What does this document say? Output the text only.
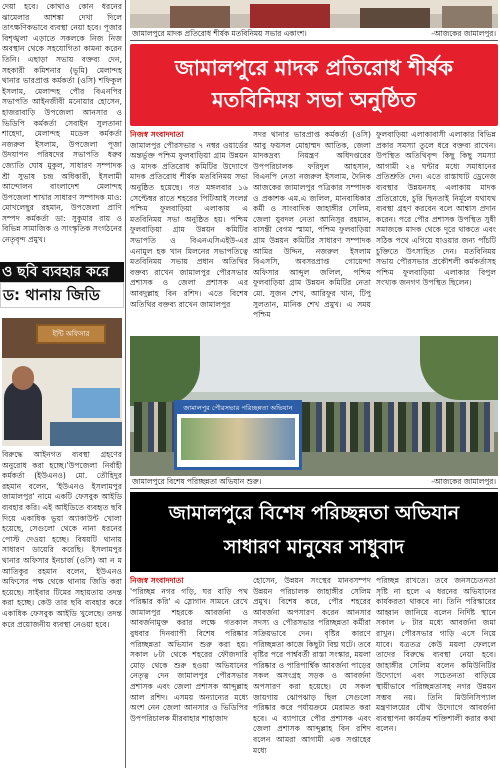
দেয়া হবে। কোথাও কোন ধরনের ঝামেলার আশঙ্কা দেখা দিলে তাৎক্ষণিকভাবে ব্যবস্থা নেয়া হবে। পূজার বিশৃঙ্খলা এড়াতে সকলকে নিজ নিজ অবস্থান থেকে সহযোগিতা কামনা করেন তিনি। এছাড়া সভায় বক্তব্য দেন, সহকারী কমিশনার (ভূমি) মেলান্দহ থানার ভারপ্রাপ্ত কর্মকর্তা (ওসি) শফিকুল ইসলাম, মেলান্দহ পৌর বিএনপির সভাপতি আইনজীবী মনোয়ার হোসেন, হাজরাবাড়ি উপজেলা আনসার ও ভিডিপি কর্মকর্তা সেবাইন সুলতানা শাহেদা, মেলান্দহ মডেল কর্মকর্তা নজরুল ইসলাম, উপজেলা পূজা উদযাপন পরিষদের সভাপতি ধরুব জ্যোতি ঘোষ মুকুল, সাধারণ সম্পাদক শ্রী সুভাষ চন্দ্র অধিকারী, ইসলামী আন্দোলন বাংলাদেশ মেলান্দহ উপজেলা শাখার সাধারণ সম্পাদক মাও: মোখলেছুর রহমান, উপজেলা প্রাণি সম্পদ কর্মকর্তা ডা: সুকুমার রায় ও বিভিন্ন সামাজিক ও সাংস্কৃতিক সংগঠনের নেতৃবৃন্দ প্রমুখ।
ও ছবি ব্যবহার করে
ড: থানায় জিডি
ইন্টি অফিসার
বিরুদ্ধে আইনগত ব্যবস্থা গ্রহণের অনুরোধ করা হচ্ছে।'উপজেলা নির্বাহী কর্মকর্তা (ইউএনও) মো. তৌহিদুর রহমান বলেন, 'ইউএনও ইসলামপুর জামালপুর' নামে একটি ফেসবুক আইডি ব্যবহার করি। এই আইডিতে ব্যবহৃত ছবি দিয়ে একাধিক ভুয়া অ্যাকাউন্ট খোলা হয়েছে, সেগুলো থেকে নানা ধরনের পোস্ট দেওয়া হচ্ছে। বিষয়টি থানায় সাধারণ ডায়েরি করেছি। ইসলামপুর থানার অফিসার ইনচার্জ (ওসি) আ ন ম আতিকুর রহমান বলেন, ইউএনও অফিসের পক্ষ থেকে থানায় জিডি করা হয়েছে। সাইবার টিমের সহায়তায় তদন্ত করা হচ্ছে। কেউ তার ছবি ব্যবহার করে একাধিক ফেসবুক আইডি খুলেছে। তদন্ত করে প্রয়োজনীয় ব্যবস্থা নেওয়া হবে।
জামালপুরে মাদক প্রতিরোধ শীর্ষক মতবিনিময় সভার একাংশ।	-আজকের জামালপুর।
জামালপুরে মাদক প্রতিরোধ শীর্ষক
মতবিনিময় সভা অনুষ্ঠিত
নিজস্ব সংবাদদাতা
জামালপুর পৌরসভার ৭ নম্বর ওয়ার্ডের অন্তর্ভুক্ত পশ্চিম ফুলবাড়িয়া গ্রাম উন্নয়ন ও মাদক প্রতিরোধ কমিটির উদ্যোগে মাদক প্রতিরোধ শীর্ষক মতবিনিময় সভা অনুষ্ঠিত হয়েছে। গত মঙ্গলবার ১৬ সেপ্টেম্বর রাতে শহরের পিটিআই সংলগ্ন পশ্চিম ফুলবাড়িয়া এলাকায় এ মতবিনিময় সভা অনুষ্ঠিত হয়। পশ্চিম ফুলবাড়িয়া গ্রাম উন্নয়ন কমিটির সভাপতি ও বিএনএসিএইউ-এর এনামুল হক খান মিলনের সভাপতিত্বে মতবিনিময় সভায় প্রধান অতিথির বক্তব্য রাখেন জামালপুর পৌরসভার প্রশাসক ও জেলা প্রশাসক এর আবদুল্লাহ বিন রশিদ। এতে বিশেষ অতিথির বক্তব্য রাখেন জামালপুর
সদর থানার ভারপ্রাপ্ত কর্মকর্তা (ওসি) আবু ফয়সল মোহাম্মদ আতিক, জেলা মাদকদ্রব্য নিয়ন্ত্রণ অধিদপ্তরের উপপরিচালক ফরিদুল আহসান, বিএনপি নেতা নজরুল ইসলাম, দৈনিক আজকের জামালপুর পত্রিকার সম্পাদক ও প্রকাশক এম.এ জলিল, মানবাধিকার কর্মী ও সাংবাদিক জাহাঙ্গীর সেলিম, জেলা যুবদল নেতা আনিসুর রহমান, বাসন্তী বেগম স্মামা, পশ্চিম ফুলবাড়িয়া গ্রাম উন্নয়ন কমিটির সাধারণ সম্পাদক আমির উদ্দিন, নজরুল ইসলাম বিএসসি, অবসরপ্রাপ্ত গোয়েন্দা অফিসার আব্দুল জলিল, পশ্চিম ফুলবাড়িয়া গ্রাম উন্নয়ন কমিটির নেতা মো. সুজন শেখ, আরিফুর খান, টিপু সুলতান, মানিক শেখ প্রমুখ। এ সময় পশ্চিম
ফুলবাড়িয়া এলাকাবাসী এলাকার বিভিন্ন প্রকার সমস্যা তুলে ধরে বক্তব্য রাখেন। উপস্থিত অতিথিবৃন্দ কিছু কিছু সমস্যা আগামী ২৪ ঘন্টার মধ্যে সমাধানের প্রতিশ্রুতি দেন। এতে রাস্তাঘাট ড্রেনেজ ব্যবস্থার উন্নয়নসহ এলাকায় মাদক প্রতিরোধে, চুরি ছিনতাই নির্মূলে যথাযথ ব্যবস্থা গ্রহণ করবেন বলে আশ্বাস প্রদান করেন। পরে পৌর প্রশাসক উপস্থিত সুধী সমাজকে মাদক থেকে দূরে থাকতে এবং সঠিক পথে এগিয়ে যাওয়ার জন্য পাঁচটি চুক্তিতে উৎসাহিত দেন। মতবিনিময় সভায় পৌরসভার প্রকৌশলী কর্মকর্তাসহ পশ্চিম ফুলবাড়িয়া এলাকার বিপুল সংখ্যক জনগণ উপস্থিত ছিলেন।
জামালপুর পৌরসভার পরিচ্ছন্নতা অভিযান
জামালপুরে বিশেষ পরিচ্ছন্নতা অভিযান শুরু।	-আজকের জামালপুর।
জামালপুরে বিশেষ পরিচ্ছন্নতা অভিযান
সাধারণ মানুষের সাধুবাদ
নিজস্ব সংবাদদাতা
'পরিচ্ছন্ন নগর গড়ি, ঘর বাড়ি পথ পরিষ্কার করি' এ স্লোগান সামনে রেখে জামালপুর শহরকে আবর্জনা ও আবর্জনামুক্ত করার লক্ষে গতকাল বুধবার দিনব্যাপী বিশেষ পরিষ্কার পরিচ্ছন্নতা অভিযান শুরু করা হয়। সকাল ৮টা থেকে শহরের ফৌজদারি মোড় থেকে শুরু হওয়া অভিযানের নেতৃত্ব দেন জামালপুর পৌরসভার প্রশাসক এবং জেলা প্রশাসক আব্দুল্লাহ আল রশিদ। এসময় অন্যান্যের মধ্যে অংশ নেন জেলা আনসার ও ভিডিপির উপপরিচালক মীরবাহার শাহাজাদ
হোসেন, উন্নয়ন সংস্থের মানবসম্পদ উন্নয়ন পরিচালক জাহাঙ্গীর সেলিম প্রমুখ। বিশেষ করে, পৌর শহরের আবর্জনা অপসারণ করেন আনসার সদস্য ও পৌরসভার পরিচ্ছন্নতা কর্মীরা সক্রিয়ভাবে দেন। বৃষ্টির কারণে পরিচ্ছন্নতা কাজে কিছুটা বিঘ্ন ঘটে। তবে বৃষ্টির পরে পার্শ্ববর্তী রাস্তা সংস্কার, ময়লা পরিষ্কার ও পারিপার্শ্বিক আবর্জনা পাড়ের সকল অসংগ্রহ সড়ক ও আবর্জনা অপসারণ করা হয়েছে। যে সকল জায়গায় ঝোপঝাড় ছিল সেগুলো পরিষ্কার করে পর্যায়ক্রমে মেরামত করা হবে। এ ব্যাপারে পৌর প্রশাসক এবং জেলা প্রশাসক আব্দুল্লাহ বিন রশিদ বলেন আমরা আগামী এক সপ্তাহের মধ্যে
পরিচ্ছন্ন রাখতে। তবে জনসচেতনতা সৃষ্টি না হলে এ ধরনের অভিযানের কার্যকরতা থাকবে না। তিনি পরিস্কারের আহ্বান জানিয়ে বলেন নির্দিষ্ট স্থানে সকাল ৮ টার মধ্যে আবর্জনা জমা রাখুন। পৌরসভার গাড়ি এসে নিয়ে যাবে। যত্রতত্র কেউ ময়লা ফেললে তাদের বিরুদ্ধে ব্যবস্থা নেয়া হবে। জাহাঙ্গীর সেলিম বলেন কমিউনিটির উদ্যোগে এবং সচেতনতা বাড়িয়ে স্থায়ীভাবে পরিচ্ছন্নতাসহ নগর উন্নয়ন সম্ভব নয়। তিনি মিউনিসিপ্যাল মন্ত্রণালয়ের যৌথ উদ্যোগে আবর্জনা ব্যবস্থাপনা কার্যক্রম শক্তিশালী করার কথা বলেন।
